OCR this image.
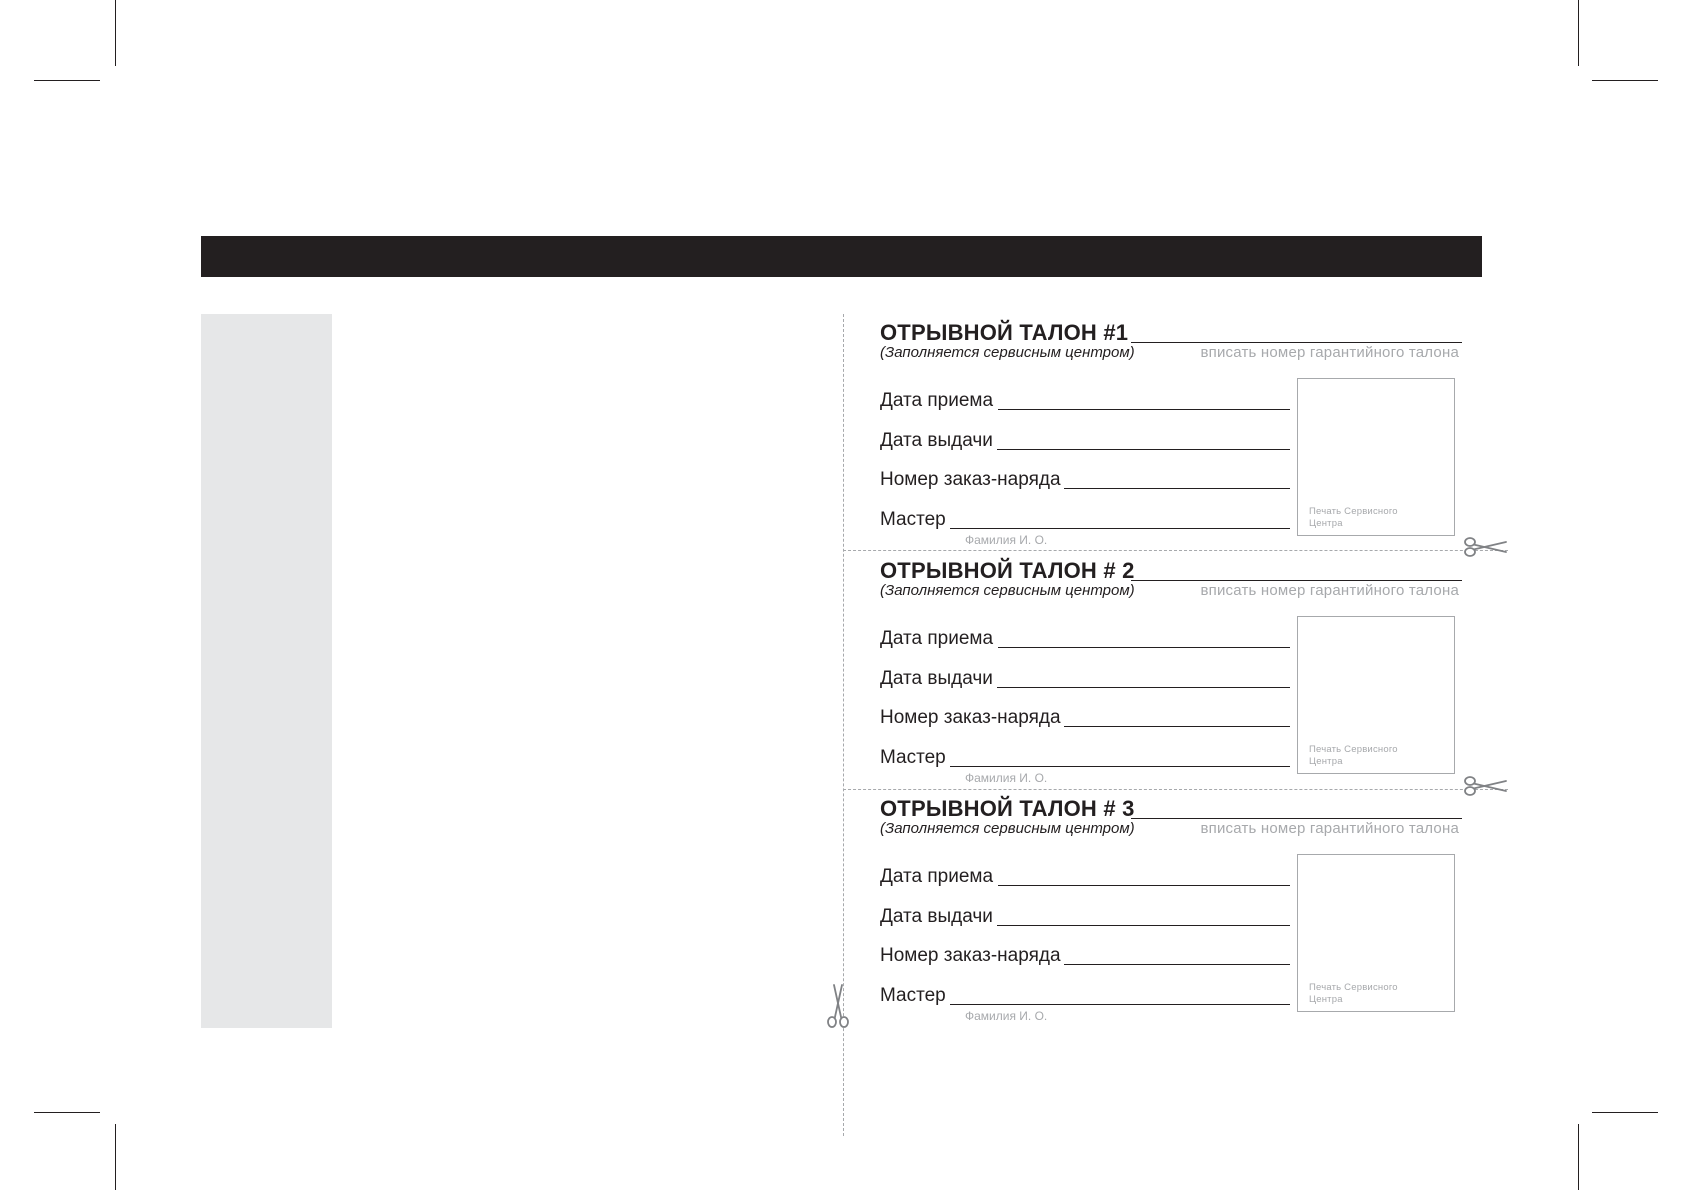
ОТРЫВНОЙ ТАЛОН #1
(Заполняется сервисным центром)	вписать номер гарантийного талона
Дата приема
Дата выдачи
Номер заказ-наряда
Мастер
Фамилия И. О.
Печать Сервисного Центра
ОТРЫВНОЙ ТАЛОН # 2
(Заполняется сервисным центром)	вписать номер гарантийного талона
Дата приема
Дата выдачи
Номер заказ-наряда
Мастер
Фамилия И. О.
Печать Сервисного Центра
ОТРЫВНОЙ ТАЛОН # 3
(Заполняется сервисным центром)	вписать номер гарантийного талона
Дата приема
Дата выдачи
Номер заказ-наряда
Мастер
Фамилия И. О.
Печать Сервисного Центра
